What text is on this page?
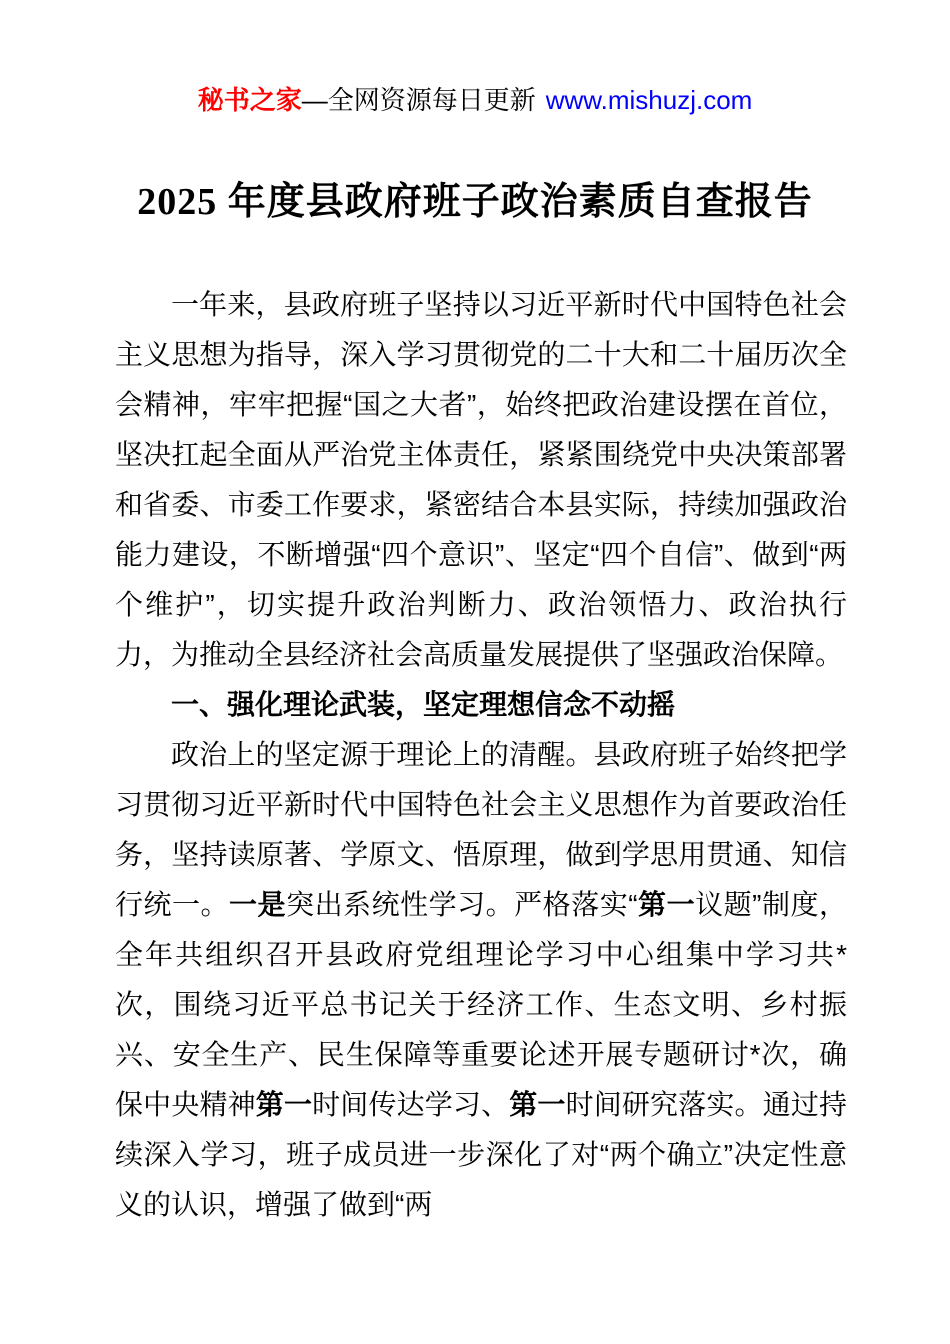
秘书之家—全网资源每日更新 www.mishuzj.com
2025 年度县政府班子政治素质自查报告

一年来，县政府班子坚持以习近平新时代中国特色社会主义思想为指导，深入学习贯彻党的二十大和二十届历次全会精神，牢牢把握“国之大者”，始终把政治建设摆在首位，坚决扛起全面从严治党主体责任，紧紧围绕党中央决策部署和省委、市委工作要求，紧密结合本县实际，持续加强政治能力建设，不断增强“四个意识”、坚定“四个自信”、做到“两个维护”，切实提升政治判断力、政治领悟力、政治执行力，为推动全县经济社会高质量发展提供了坚强政治保障。

一、强化理论武装，坚定理想信念不动摇

政治上的坚定源于理论上的清醒。县政府班子始终把学习贯彻习近平新时代中国特色社会主义思想作为首要政治任务，坚持读原著、学原文、悟原理，做到学思用贯通、知信行统一。一是突出系统性学习。严格落实“第一议题”制度，全年共组织召开县政府党组理论学习中心组集中学习共*次，围绕习近平总书记关于经济工作、生态文明、乡村振兴、安全生产、民生保障等重要论述开展专题研讨*次，确保中央精神第一时间传达学习、第一时间研究落实。通过持续深入学习，班子成员进一步深化了对“两个确立”决定性意义的认识，增强了做到“两
